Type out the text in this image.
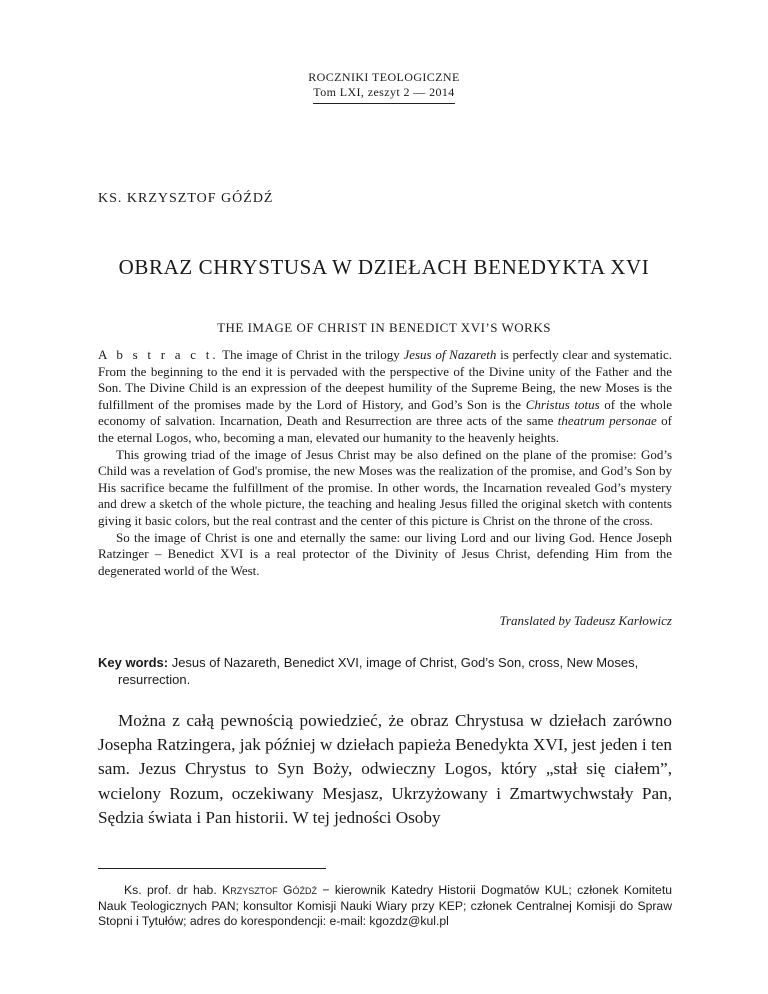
ROCZNIKI TEOLOGICZNE
Tom LXI, zeszyt 2 — 2014
KS. KRZYSZTOF GÓŹDŹ
OBRAZ CHRYSTUSA W DZIEŁACH BENEDYKTA XVI
THE IMAGE OF CHRIST IN BENEDICT XVI’S WORKS

A b s t r a c t. The image of Christ in the trilogy Jesus of Nazareth is perfectly clear and systematic. From the beginning to the end it is pervaded with the perspective of the Divine unity of the Father and the Son. The Divine Child is an expression of the deepest humility of the Supreme Being, the new Moses is the fulfillment of the promises made by the Lord of History, and God’s Son is the Christus totus of the whole economy of salvation. Incarnation, Death and Resurrection are three acts of the same theatrum personae of the eternal Logos, who, becoming a man, elevated our humanity to the heavenly heights.

This growing triad of the image of Jesus Christ may be also defined on the plane of the promise: God’s Child was a revelation of God's promise, the new Moses was the realization of the promise, and God’s Son by His sacrifice became the fulfillment of the promise. In other words, the Incarnation revealed God’s mystery and drew a sketch of the whole picture, the teaching and healing Jesus filled the original sketch with contents giving it basic colors, but the real contrast and the center of this picture is Christ on the throne of the cross.

So the image of Christ is one and eternally the same: our living Lord and our living God. Hence Joseph Ratzinger – Benedict XVI is a real protector of the Divinity of Jesus Christ, defending Him from the degenerated world of the West.

Translated by Tadeusz Karłowicz
Key words: Jesus of Nazareth, Benedict XVI, image of Christ, God’s Son, cross, New Moses, resurrection.
Można z całą pewnością powiedzieć, że obraz Chrystusa w dziełach zarówno Josepha Ratzingera, jak później w dziełach papieża Benedykta XVI, jest jeden i ten sam. Jezus Chrystus to Syn Boży, odwieczny Logos, który „stał się ciałem”, wcielony Rozum, oczekiwany Mesjasz, Ukrzyżowany i Zmartwychwstały Pan, Sędzia świata i Pan historii. W tej jedności Osoby
Ks. prof. dr hab. Krzysztof Góźdź − kierownik Katedry Historii Dogmatów KUL; członek Komitetu Nauk Teologicznych PAN; konsultor Komisji Nauki Wiary przy KEP; członek Centralnej Komisji do Spraw Stopni i Tytułów; adres do korespondencji: e-mail: kgozdz@kul.pl
